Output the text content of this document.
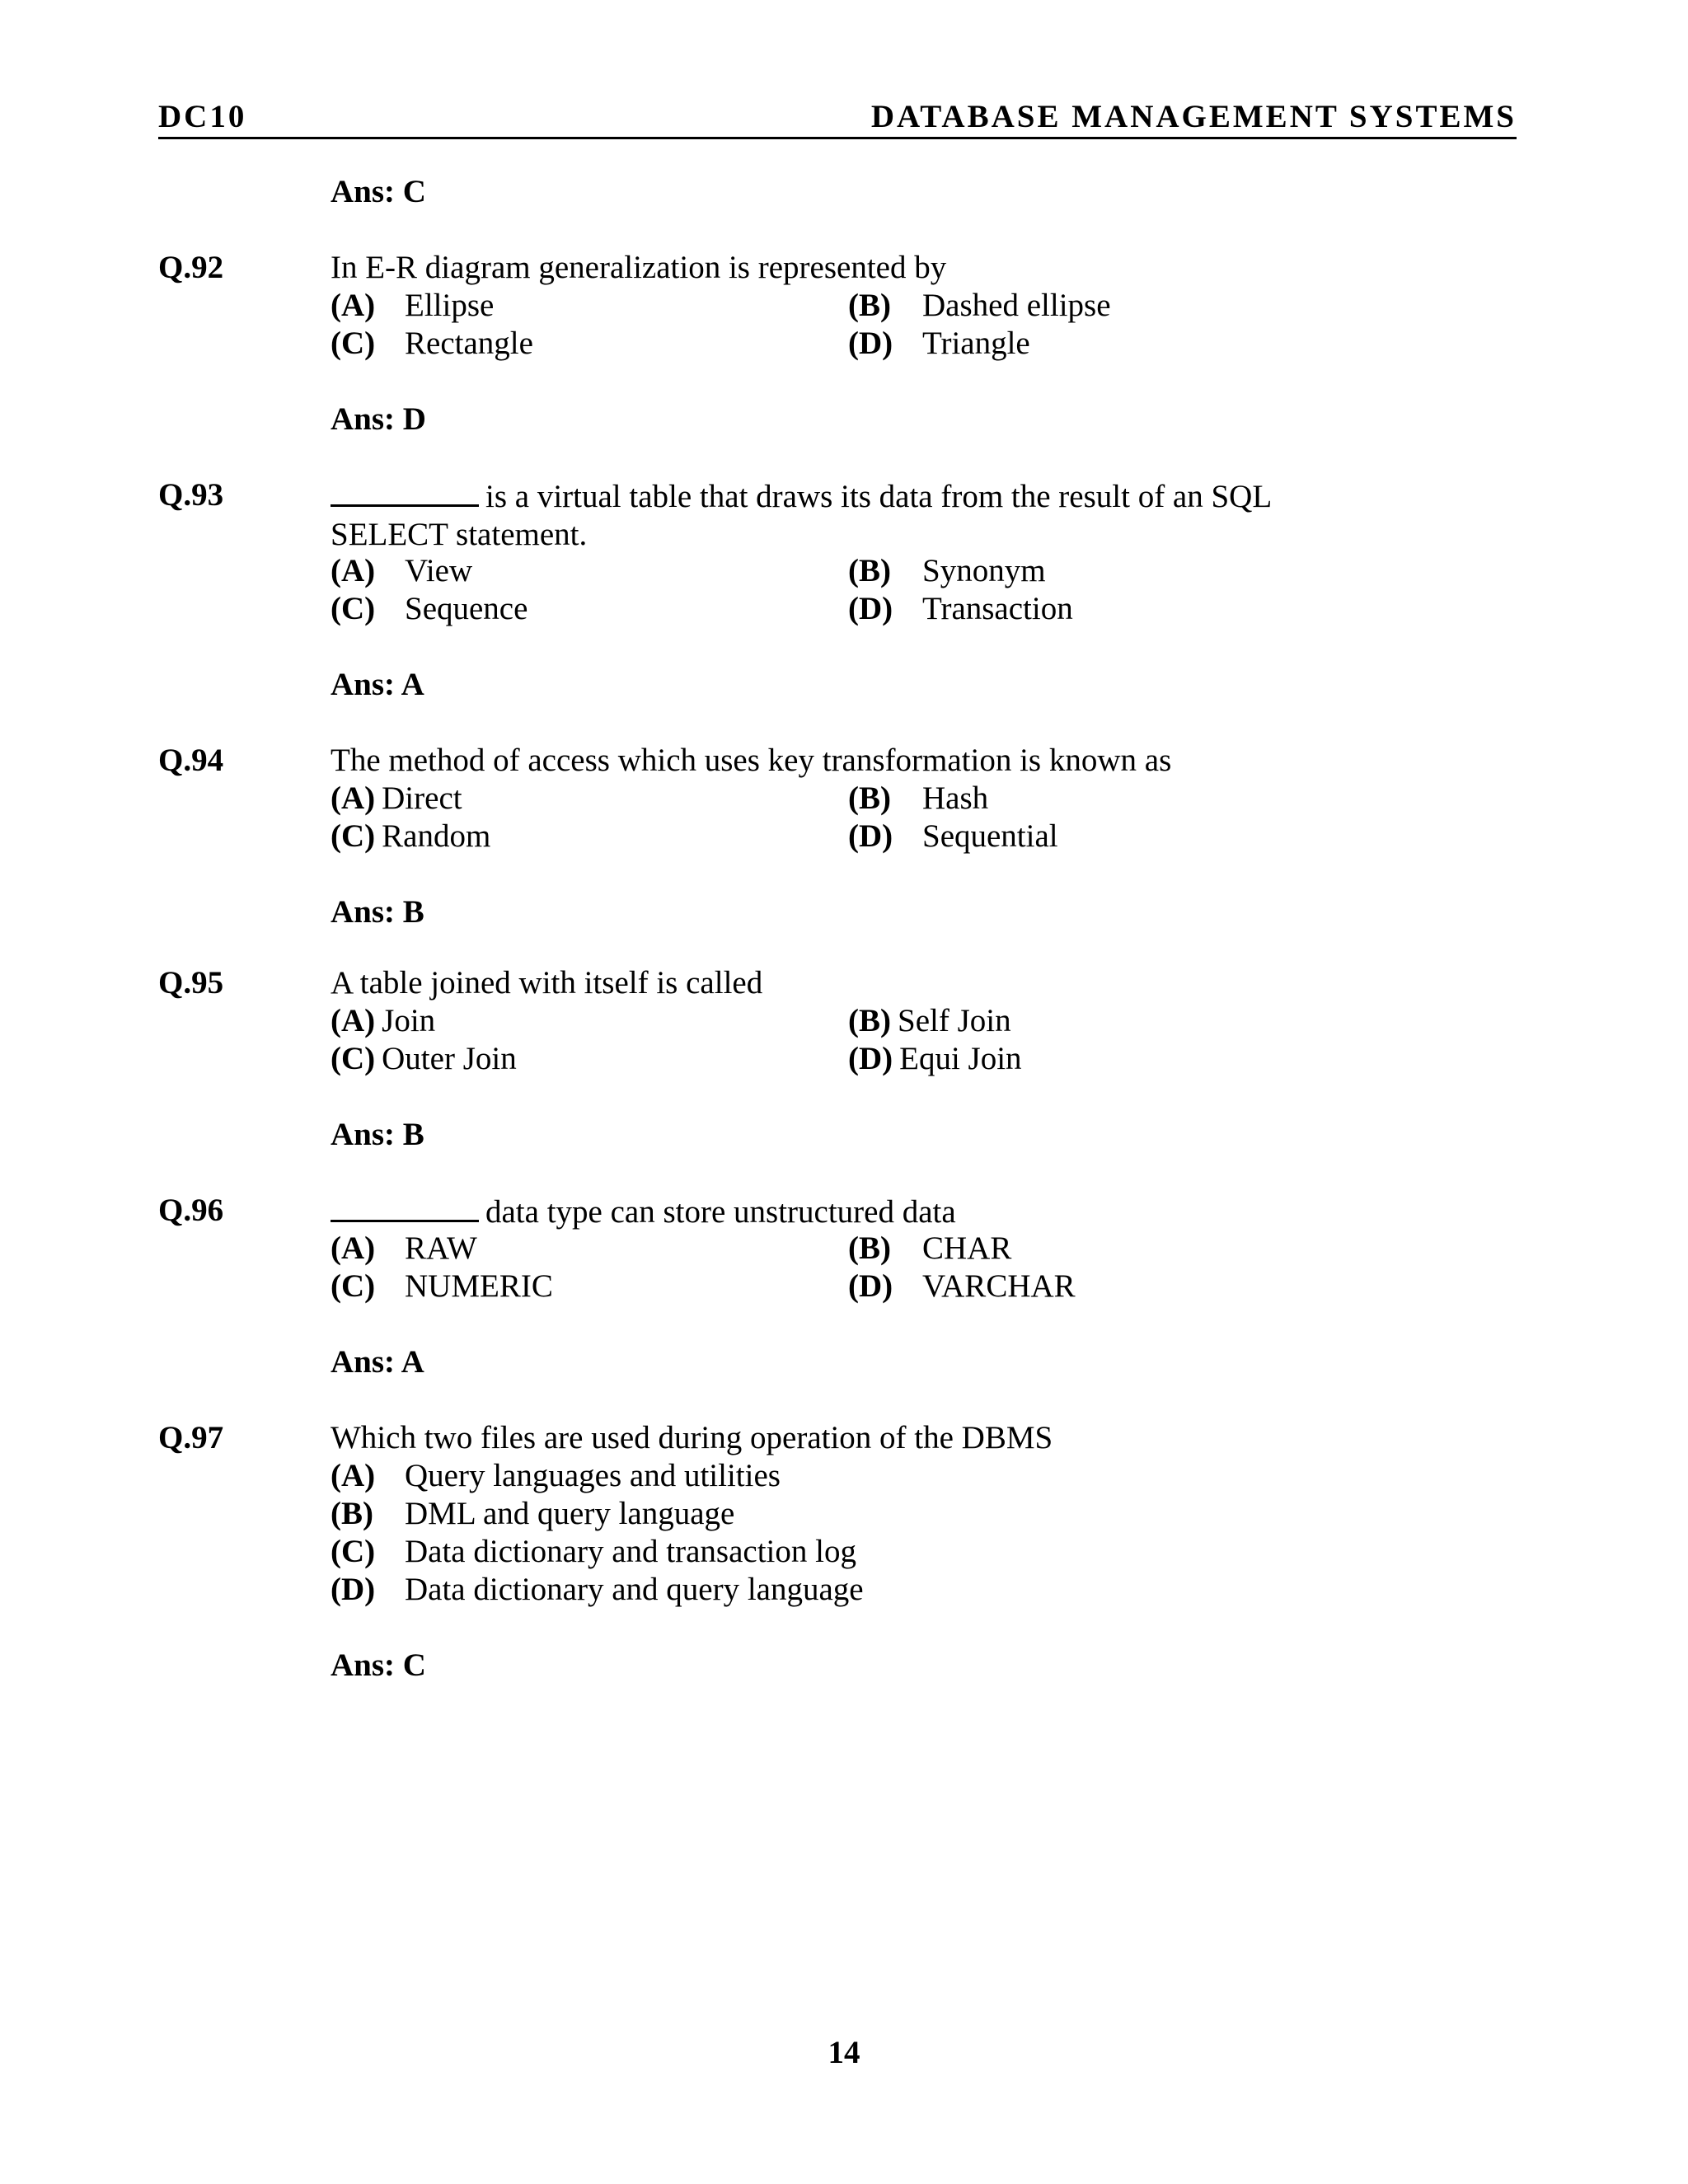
DC10	DATABASE MANAGEMENT SYSTEMS
Ans: C
Q.92	In E-R diagram generalization is represented by
(A) Ellipse	(B) Dashed ellipse
(C) Rectangle	(D) Triangle
Ans: D
Q.93	is a virtual table that draws its data from the result of an SQL
SELECT statement.
(A) View	(B) Synonym
(C) Sequence	(D) Transaction
Ans: A
Q.94	The method of access which uses key transformation is known as
(A) Direct	(B) Hash
(C) Random	(D) Sequential
Ans: B
Q.95	A table joined with itself is called
(A) Join	(B) Self Join
(C) Outer Join	(D) Equi Join
Ans: B
Q.96	data type can store unstructured data
(A) RAW	(B) CHAR
(C) NUMERIC	(D) VARCHAR
Ans: A
Q.97	Which two files are used during operation of the DBMS
(A) Query languages and utilities
(B) DML and query language
(C) Data dictionary and transaction log
(D) Data dictionary and query language
Ans: C
14
